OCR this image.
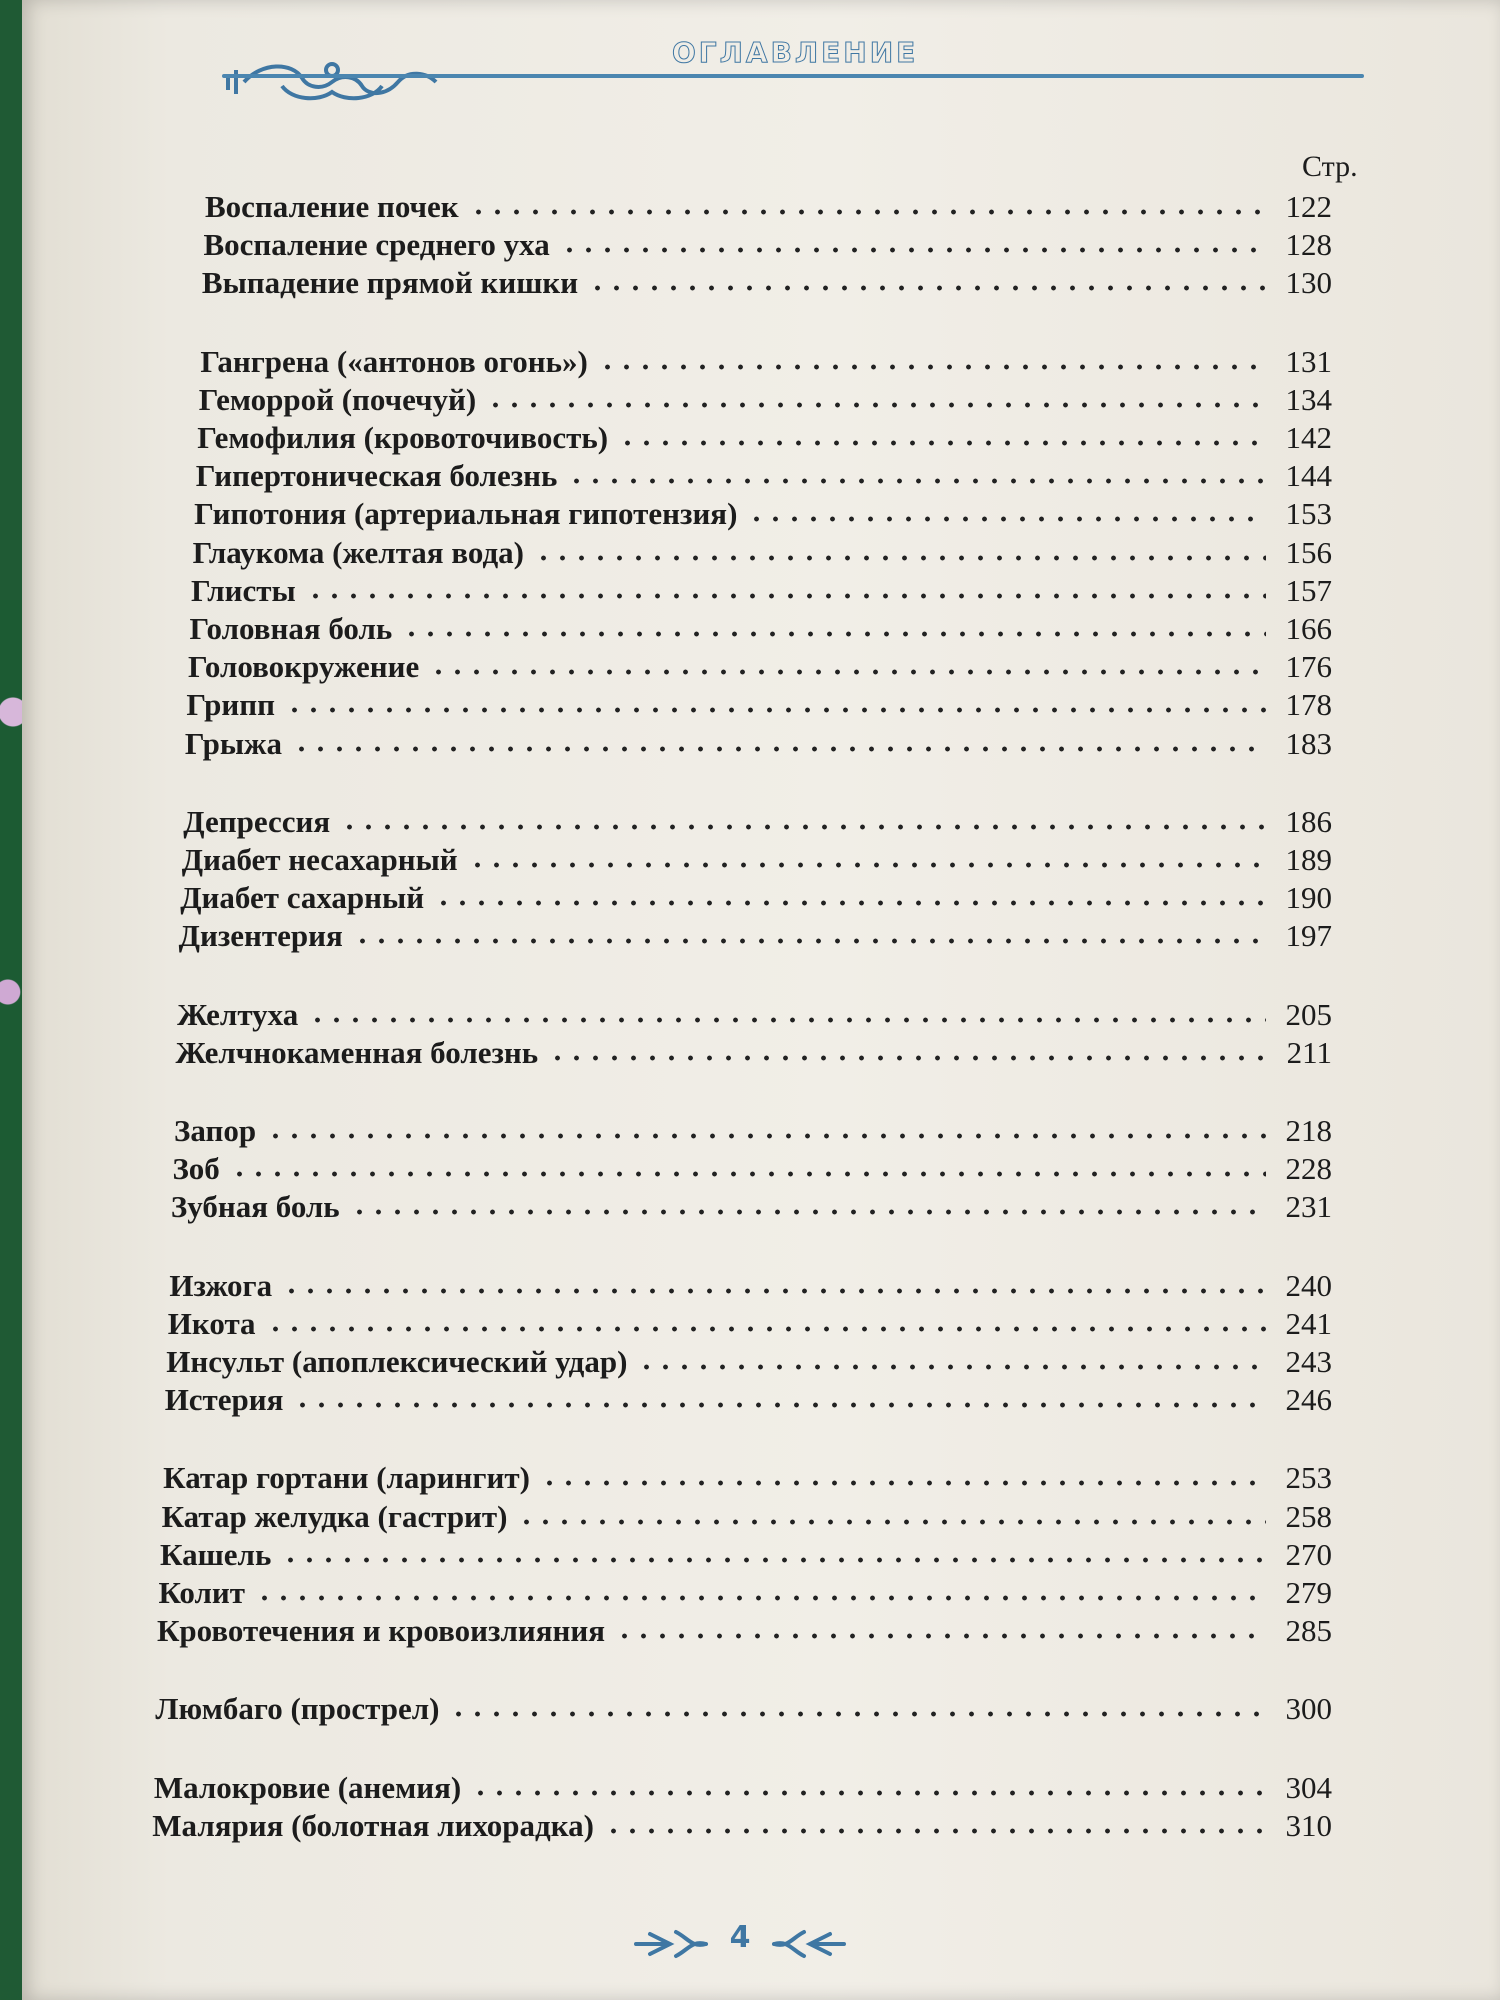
ОГЛАВЛЕНИЕ
Стр.
Воспаление почек	122
Воспаление среднего уха	128
Выпадение прямой кишки	130
Гангрена («антонов огонь»)	131
Геморрой (почечуй)	134
Гемофилия (кровоточивость)	142
Гипертоническая болезнь	144
Гипотония (артериальная гипотензия)	153
Глаукома (желтая вода)	156
Глисты	157
Головная боль	166
Головокружение	176
Грипп	178
Грыжа	183
Депрессия	186
Диабет несахарный	189
Диабет сахарный	190
Дизентерия	197
Желтуха	205
Желчнокаменная болезнь	211
Запор	218
Зоб	228
Зубная боль	231
Изжога	240
Икота	241
Инсульт (апоплексический удар)	243
Истерия	246
Катар гортани (ларингит)	253
Катар желудка (гастрит)	258
Кашель	270
Колит	279
Кровотечения и кровоизлияния	285
Люмбаго (прострел)	300
Малокровие (анемия)	304
Малярия (болотная лихорадка)	310
4
